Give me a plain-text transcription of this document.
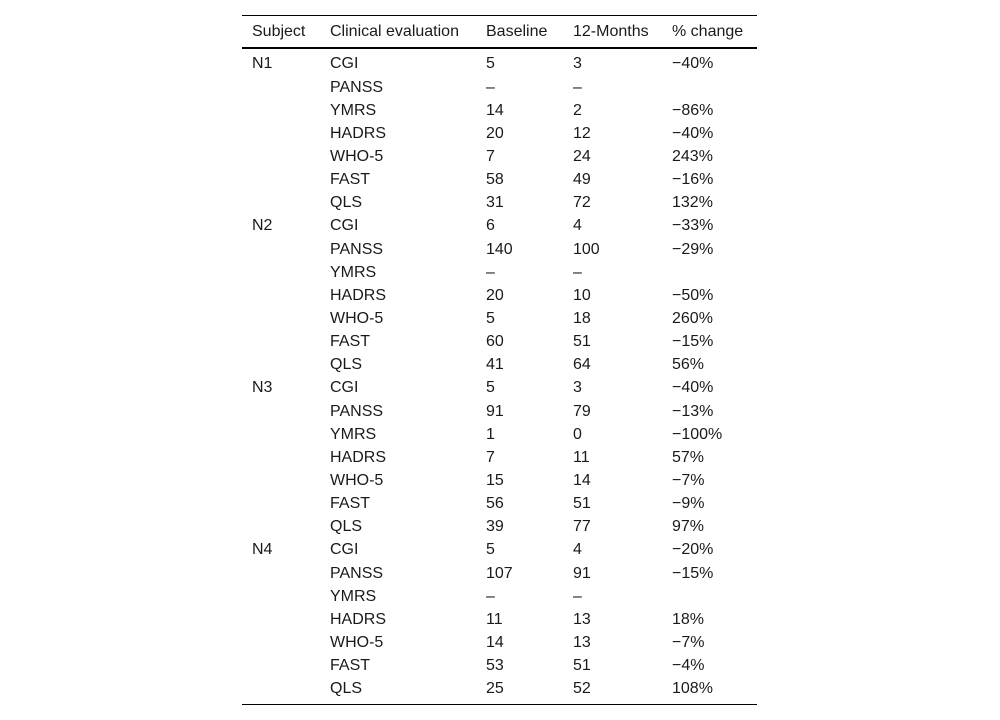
Subject	Clinical evaluation	Baseline	12-Months	% change
N1	CGI	5	3	−40%
	PANSS	–	–	
	YMRS	14	2	−86%
	HADRS	20	12	−40%
	WHO-5	7	24	243%
	FAST	58	49	−16%
	QLS	31	72	132%
N2	CGI	6	4	−33%
	PANSS	140	100	−29%
	YMRS	–	–	
	HADRS	20	10	−50%
	WHO-5	5	18	260%
	FAST	60	51	−15%
	QLS	41	64	56%
N3	CGI	5	3	−40%
	PANSS	91	79	−13%
	YMRS	1	0	−100%
	HADRS	7	11	57%
	WHO-5	15	14	−7%
	FAST	56	51	−9%
	QLS	39	77	97%
N4	CGI	5	4	−20%
	PANSS	107	91	−15%
	YMRS	–	–	
	HADRS	11	13	18%
	WHO-5	14	13	−7%
	FAST	53	51	−4%
	QLS	25	52	108%
